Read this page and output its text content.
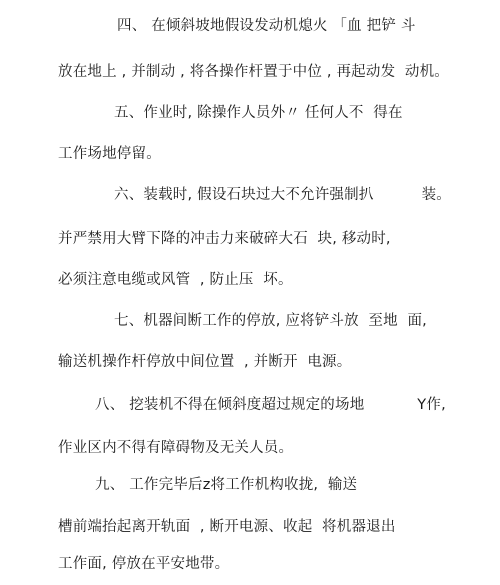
四、 在倾斜坡地假设发动机熄火 「血 把铲 斗
放在地上 , 并制动 , 将各操作杆置于中位 , 再起动发  动机。
五、作业时, 除操作人员外〃 任何人不  得在
工作场地停留。
六、装载时, 假设石块过大不允许强制扒          装。
并严禁用大臂下降的冲击力来破碎大石  块, 移动时,
必须注意电缆或风管  , 防止压  坏。
七、机器间断工作的停放, 应将铲斗放  至地  面,
输送机操作杆停放中间位置  , 并断开  电源。
八、 挖装机不得在倾斜度超过规定的场地           Y作,
作业区内不得有障碍物及无关人员。
九、 工作完毕后z将工作机构收拢,  输送
槽前端抬起离开轨面  , 断开电源、收起  将机器退出
工作面, 停放在平安地带。
